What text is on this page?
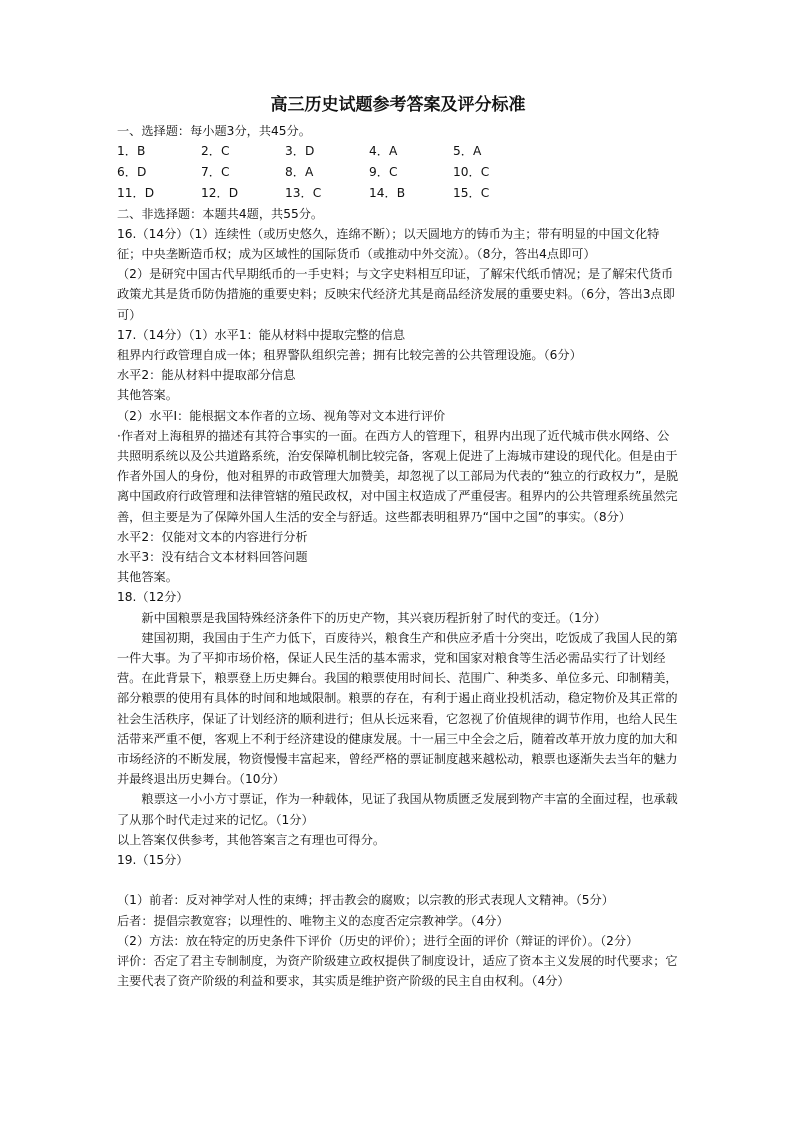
高三历史试题参考答案及评分标准
一、选择题：每小题3分，共45分。
1．B	2．C	3．D	4．A	5．A
6．D	7．C	8．A	9．C	10．C
11．D	12．D	13．C	14．B	15．C
二、非选择题：本题共4题，共55分。
16.（14分）（1）连续性（或历史悠久，连绵不断）；以天圆地方的铸币为主；带有明显的中国文化特征；中央垄断造币权；成为区域性的国际货币（或推动中外交流）。（8分，答出4点即可）
（2）是研究中国古代早期纸币的一手史料；与文字史料相互印证，了解宋代纸币情况；是了解宋代货币政策尤其是货币防伪措施的重要史料；反映宋代经济尤其是商品经济发展的重要史料。（6分，答出3点即可）
17.（14分）（1）水平1：能从材料中提取完整的信息
租界内行政管理自成一体；租界警队组织完善；拥有比较完善的公共管理设施。（6分）
水平2：能从材料中提取部分信息
其他答案。
（2）水平Ⅰ：能根据文本作者的立场、视角等对文本进行评价
·作者对上海租界的描述有其符合事实的一面。在西方人的管理下，租界内出现了近代城市供水网络、公共照明系统以及公共道路系统，治安保障机制比较完备，客观上促进了上海城市建设的现代化。但是由于作者外国人的身份，他对租界的市政管理大加赞美，却忽视了以工部局为代表的“独立的行政权力”，是脱离中国政府行政管理和法律管辖的殖民政权，对中国主权造成了严重侵害。租界内的公共管理系统虽然完善，但主要是为了保障外国人生活的安全与舒适。这些都表明租界乃“国中之国”的事实。（8分）
水平2：仅能对文本的内容进行分析
水平3：没有结合文本材料回答问题
其他答案。
18.（12分）
新中国粮票是我国特殊经济条件下的历史产物，其兴衰历程折射了时代的变迁。（1分）
建国初期，我国由于生产力低下，百废待兴，粮食生产和供应矛盾十分突出，吃饭成了我国人民的第一件大事。为了平抑市场价格，保证人民生活的基本需求，党和国家对粮食等生活必需品实行了计划经营。在此背景下，粮票登上历史舞台。我国的粮票使用时间长、范围广、种类多、单位多元、印制精美，部分粮票的使用有具体的时间和地域限制。粮票的存在，有利于遏止商业投机活动，稳定物价及其正常的社会生活秩序，保证了计划经济的顺利进行；但从长远来看，它忽视了价值规律的调节作用，也给人民生活带来严重不便，客观上不利于经济建设的健康发展。十一届三中全会之后，随着改革开放力度的加大和市场经济的不断发展，物资慢慢丰富起来，曾经严格的票证制度越来越松动，粮票也逐渐失去当年的魅力并最终退出历史舞台。（10分）
粮票这一小小方寸票证，作为一种载体，见证了我国从物质匮乏发展到物产丰富的全面过程，也承载了从那个时代走过来的记忆。（1分）
以上答案仅供参考，其他答案言之有理也可得分。
19.（15分）
（1）前者：反对神学对人性的束缚；抨击教会的腐败；以宗教的形式表现人文精神。（5分）
后者：提倡宗教宽容；以理性的、唯物主义的态度否定宗教神学。（4分）
（2）方法：放在特定的历史条件下评价（历史的评价）；进行全面的评价（辩证的评价）。（2分）
评价：否定了君主专制制度，为资产阶级建立政权提供了制度设计，适应了资本主义发展的时代要求；它主要代表了资产阶级的利益和要求，其实质是维护资产阶级的民主自由权利。（4分）
